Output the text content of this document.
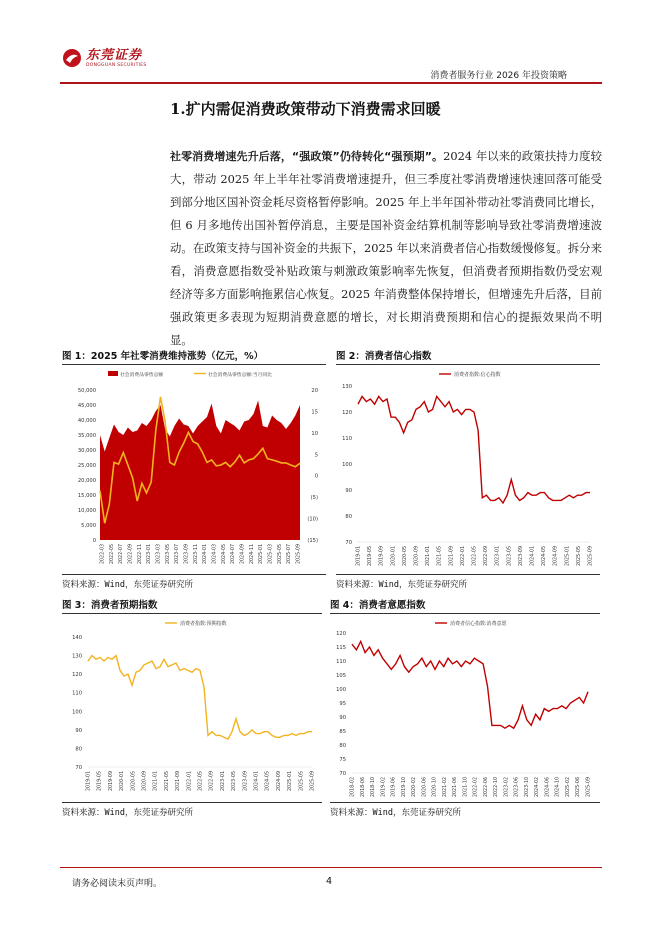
东莞证券
DONGGUAN SECURITIES
消费者服务行业 2026 年投资策略
1.扩内需促消费政策带动下消费需求回暖
社零消费增速先升后落，“强政策”仍待转化“强预期”。2024 年以来的政策扶持力度较大，带动 2025 年上半年社零消费增速提升，但三季度社零消费增速快速回落可能受到部分地区国补资金耗尽资格暂停影响。2025 年上半年国补带动社零消费同比增长，但 6 月多地传出国补暂停消息，主要是国补资金结算机制等影响导致社零消费增速波动。在政策支持与国补资金的共振下，2025 年以来消费者信心指数缓慢修复。拆分来看，消费意愿指数受补贴政策与刺激政策影响率先恢复，但消费者预期指数仍受宏观经济等多方面影响拖累信心恢复。2025 年消费整体保持增长，但增速先升后落，目前强政策更多表现为短期消费意愿的增长，对长期消费预期和信心的提振效果尚不明显。
图 1：2025 年社零消费维持涨势（亿元，%）	图 2：消费者信心指数
资料来源：Wind，东莞证券研究所	资料来源：Wind，东莞证券研究所
图 3：消费者预期指数	图 4：消费者意愿指数
资料来源：Wind，东莞证券研究所	资料来源：Wind，东莞证券研究所
50,000
45,000
40,000
35,000
30,000
25,000
20,000
15,000
10,000
5,000
0
20
15
10
5
0
(5)
(10)
(15)
2022-03 2022-05 2022-07 2022-09 2022-11 2023-01 2023-03 2023-05 2023-07 2023-09 2023-11 2024-01 2024-03 2024-05 2024-07 2024-09 2024-11 2025-01 2025-03 2025-05 2025-07 2025-09
社会消费品零售总额	社会消费品零售总额:当月同比
130
120
110
100
90
80
70
2019-01 2019-05 2019-09 2020-01 2020-05 2020-09 2021-01 2021-05 2021-09 2022-01 2022-05 2022-09 2023-01 2023-05 2023-09 2024-01 2024-05 2024-09 2025-01 2025-05 2025-09
消费者指数:信心指数
140
130
120
110
100
90
80
70
2019-01 2019-05 2019-09 2020-01 2020-05 2020-09 2021-01 2021-05 2021-09 2022-01 2022-05 2022-09 2023-01 2023-05 2023-09 2024-01 2024-05 2024-09 2025-01 2025-05 2025-09
消费者指数:预期指数
120
115
110
105
100
95
90
85
80
75
70
2018-02 2018-06 2018-10 2019-02 2019-06 2019-10 2020-02 2020-06 2020-10 2021-02 2021-06 2021-10 2022-02 2022-06 2022-10 2023-02 2023-06 2023-10 2024-02 2024-06 2024-10 2025-02 2025-06 2025-09
消费者信心指数:消费意愿
请务必阅读末页声明。	4
